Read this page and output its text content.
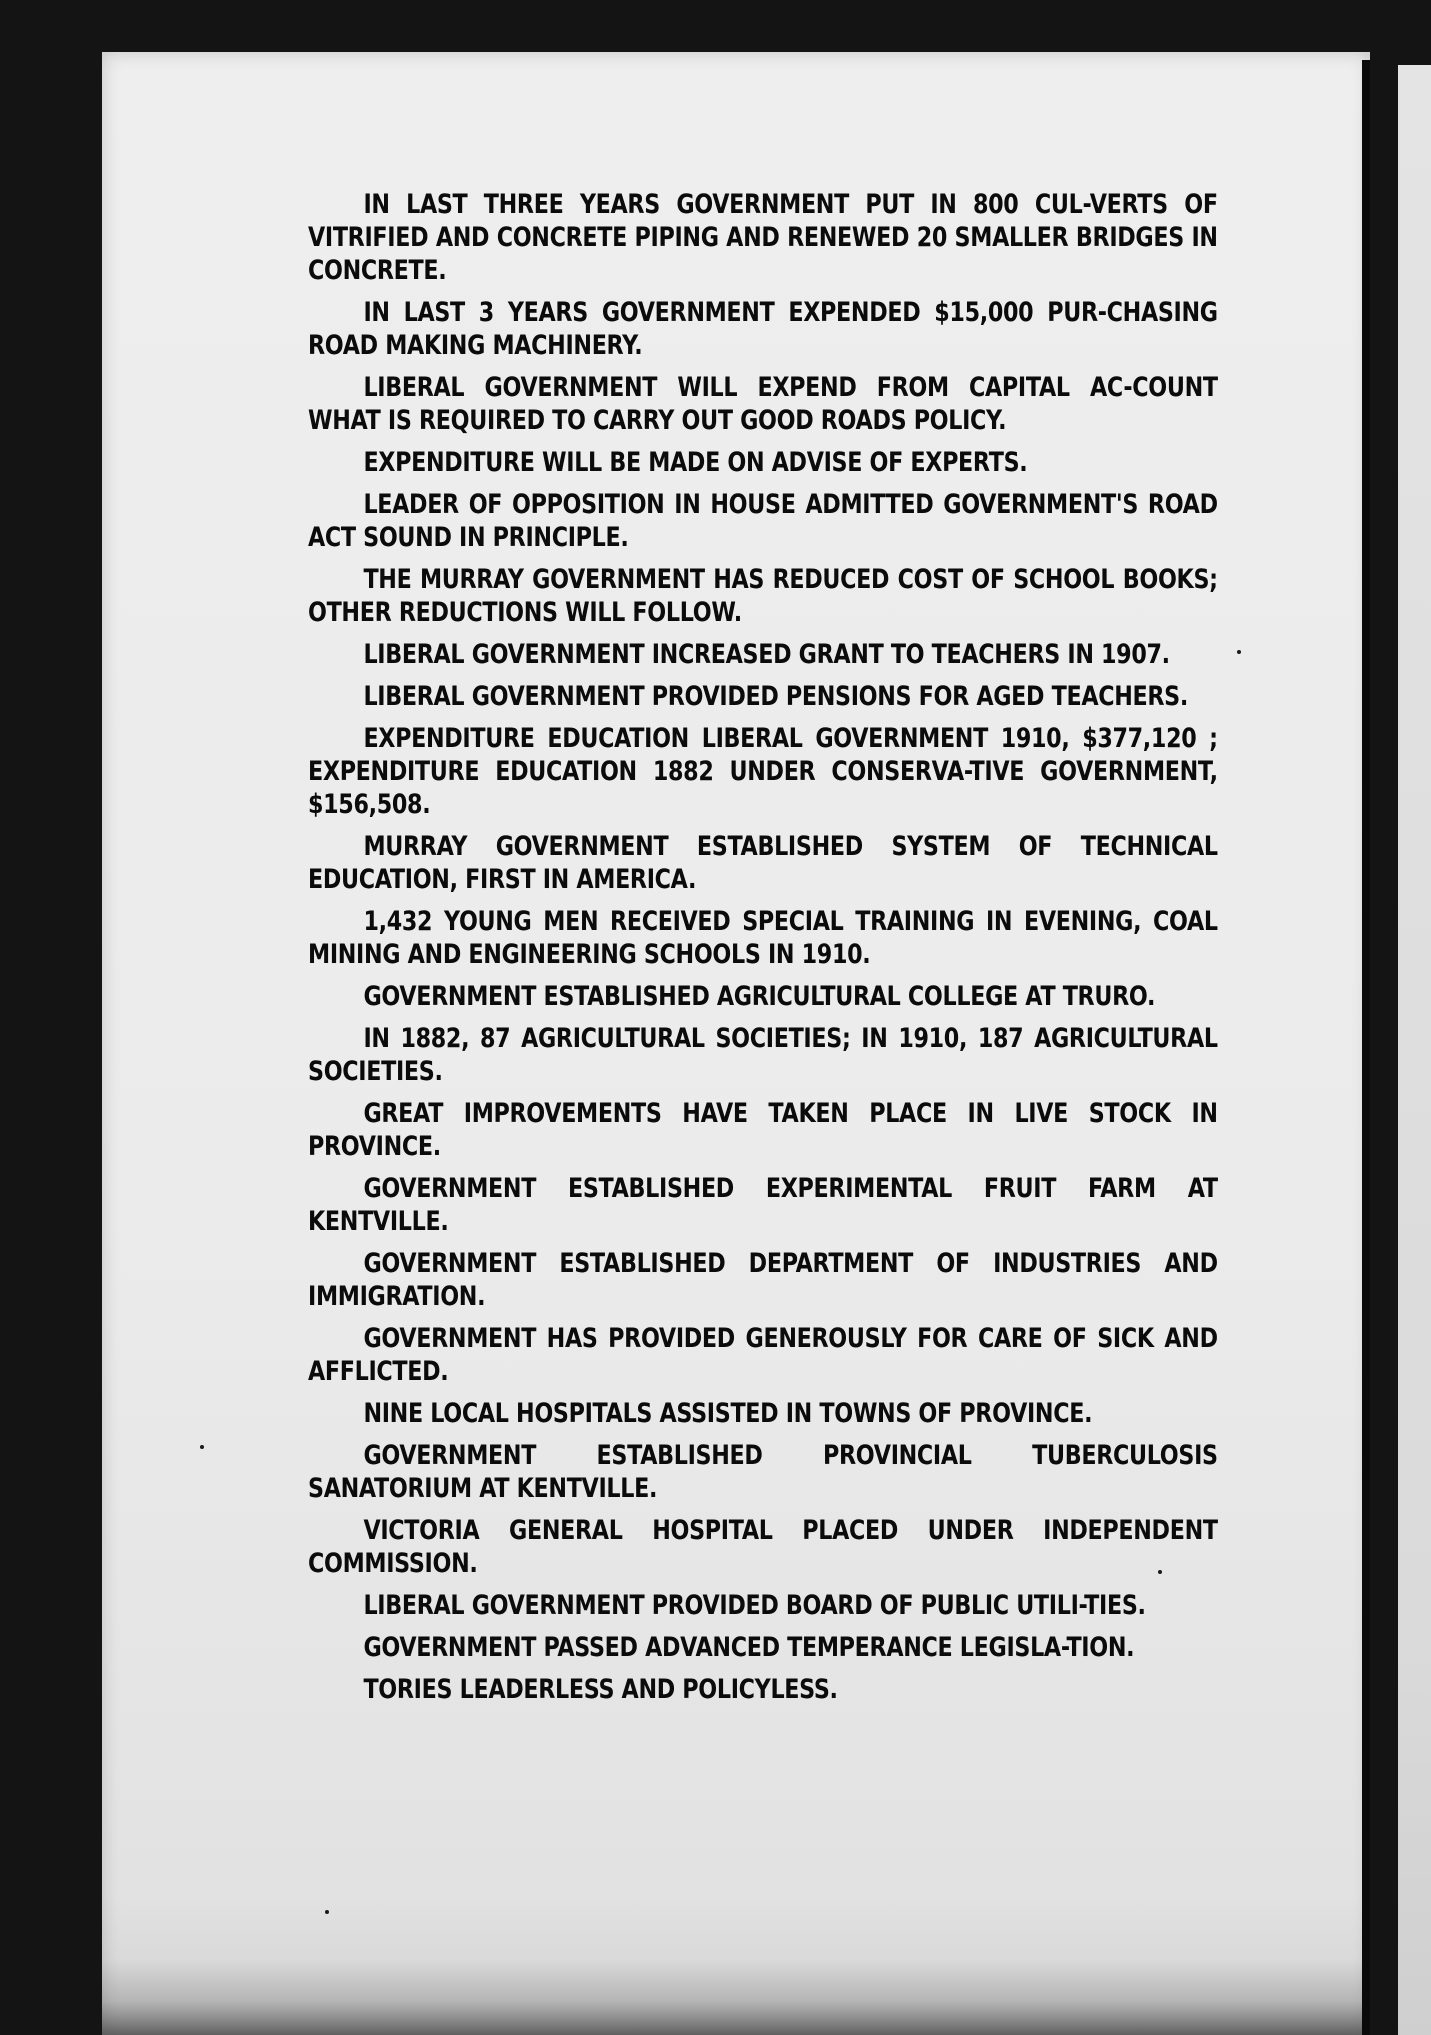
IN LAST THREE YEARS GOVERNMENT PUT IN 800 CUL-VERTS OF VITRIFIED AND CONCRETE PIPING AND RENEWED 20 SMALLER BRIDGES IN CONCRETE.

IN LAST 3 YEARS GOVERNMENT EXPENDED $15,000 PUR-CHASING ROAD MAKING MACHINERY.

LIBERAL GOVERNMENT WILL EXPEND FROM CAPITAL AC-COUNT WHAT IS REQUIRED TO CARRY OUT GOOD ROADS POLICY.

EXPENDITURE WILL BE MADE ON ADVISE OF EXPERTS.

LEADER OF OPPOSITION IN HOUSE ADMITTED GOVERNMENT'S ROAD ACT SOUND IN PRINCIPLE.

THE MURRAY GOVERNMENT HAS REDUCED COST OF SCHOOL BOOKS; OTHER REDUCTIONS WILL FOLLOW.

LIBERAL GOVERNMENT INCREASED GRANT TO TEACHERS IN 1907.

LIBERAL GOVERNMENT PROVIDED PENSIONS FOR AGED TEACHERS.

EXPENDITURE EDUCATION LIBERAL GOVERNMENT 1910, $377,120 ; EXPENDITURE EDUCATION 1882 UNDER CONSERVA-TIVE GOVERNMENT, $156,508.

MURRAY GOVERNMENT ESTABLISHED SYSTEM OF TECHNICAL EDUCATION, FIRST IN AMERICA.

1,432 YOUNG MEN RECEIVED SPECIAL TRAINING IN EVENING, COAL MINING AND ENGINEERING SCHOOLS IN 1910.

GOVERNMENT ESTABLISHED AGRICULTURAL COLLEGE AT TRURO.

IN 1882, 87 AGRICULTURAL SOCIETIES; IN 1910, 187 AGRICULTURAL SOCIETIES.

GREAT IMPROVEMENTS HAVE TAKEN PLACE IN LIVE STOCK IN PROVINCE.

GOVERNMENT ESTABLISHED EXPERIMENTAL FRUIT FARM AT KENTVILLE.

GOVERNMENT ESTABLISHED DEPARTMENT OF INDUSTRIES AND IMMIGRATION.

GOVERNMENT HAS PROVIDED GENEROUSLY FOR CARE OF SICK AND AFFLICTED.

NINE LOCAL HOSPITALS ASSISTED IN TOWNS OF PROVINCE.

GOVERNMENT ESTABLISHED PROVINCIAL TUBERCULOSIS SANATORIUM AT KENTVILLE.

VICTORIA GENERAL HOSPITAL PLACED UNDER INDEPENDENT COMMISSION.

LIBERAL GOVERNMENT PROVIDED BOARD OF PUBLIC UTILI-TIES.

GOVERNMENT PASSED ADVANCED TEMPERANCE LEGISLA-TION.

TORIES LEADERLESS AND POLICYLESS.
